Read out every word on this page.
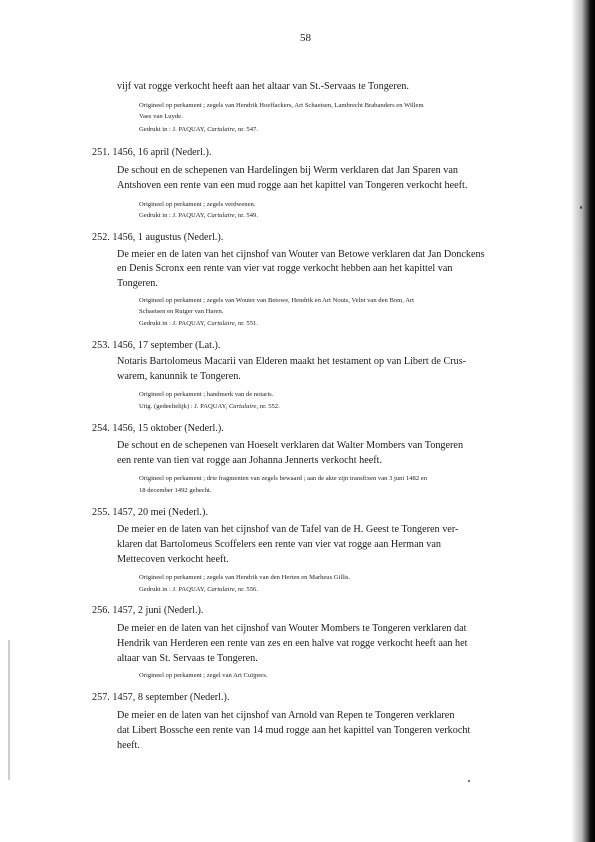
58
vijf vat rogge verkocht heeft aan het altaar van St.-Servaas te Tongeren.
Origineel op perkament ; zegels van Hendrik Hoeffackers, Art Schaetsen, Lambrecht Brabanders en Willem
Vaes van Luyde.
Gedrukt in : J. PAQUAY, Cartulaire, nr. 547.
251. 1456, 16 april (Nederl.).
De schout en de schepenen van Hardelingen bij Werm verklaren dat Jan Sparen van
Antshoven een rente van een mud rogge aan het kapittel van Tongeren verkocht heeft.
Origineel op perkament ; zegels verdwenen.
Gedrukt in : J. PAQUAY, Cartulaire, nr. 549.
252. 1456, 1 augustus (Nederl.).
De meier en de laten van het cijnshof van Wouter van Betowe verklaren dat Jan Donckens
en Denis Scronx een rente van vier vat rogge verkocht hebben aan het kapittel van
Tongeren.
Origineel op perkament ; zegels van Wouter van Betowe, Hendrik en Art Nouts, Velnt van den Bom, Art
Schaetsen en Rutger van Haren.
Gedrukt in : J. PAQUAY, Cartulaire, nr. 551.
253. 1456, 17 september (Lat.).
Notaris Bartolomeus Macarii van Elderen maakt het testament op van Libert de Crus-
warem, kanunnik te Tongeren.
Origineel op perkament ; handmerk van de notaris.
Uitg. (gedeeltelijk) : J. PAQUAY, Cartulaire, nr. 552.
254. 1456, 15 oktober (Nederl.).
De schout en de schepenen van Hoeselt verklaren dat Walter Mombers van Tongeren
een rente van tien vat rogge aan Johanna Jennerts verkocht heeft.
Origineel op perkament ; drie fragmenten van zegels bewaard ; aan de akte zijn transfixen van 3 juni 1482 en
18 december 1492 gehecht.
255. 1457, 20 mei (Nederl.).
De meier en de laten van het cijnshof van de Tafel van de H. Geest te Tongeren ver-
klaren dat Bartolomeus Scoffelers een rente van vier vat rogge aan Herman van
Mettecoven verkocht heeft.
Origineel op perkament ; zegels van Hendrik van den Herten en Marheus Gillis.
Gedrukt in : J. PAQUAY, Cartulaire, nr. 556.
256. 1457, 2 juni (Nederl.).
De meier en de laten van het cijnshof van Wouter Mombers te Tongeren verklaren dat
Hendrik van Herderen een rente van zes en een halve vat rogge verkocht heeft aan het
altaar van St. Servaas te Tongeren.
Origineel op perkament ; zegel van Art Cuijpers.
257. 1457, 8 september (Nederl.).
De meier en de laten van het cijnshof van Arnold van Repen te Tongeren verklaren
dat Libert Bossche een rente van 14 mud rogge aan het kapittel van Tongeren verkocht
heeft.
